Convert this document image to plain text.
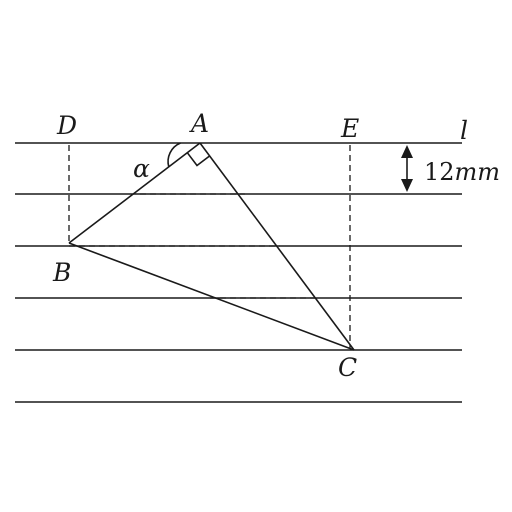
D	A	E	l
α
B
C
12mm
